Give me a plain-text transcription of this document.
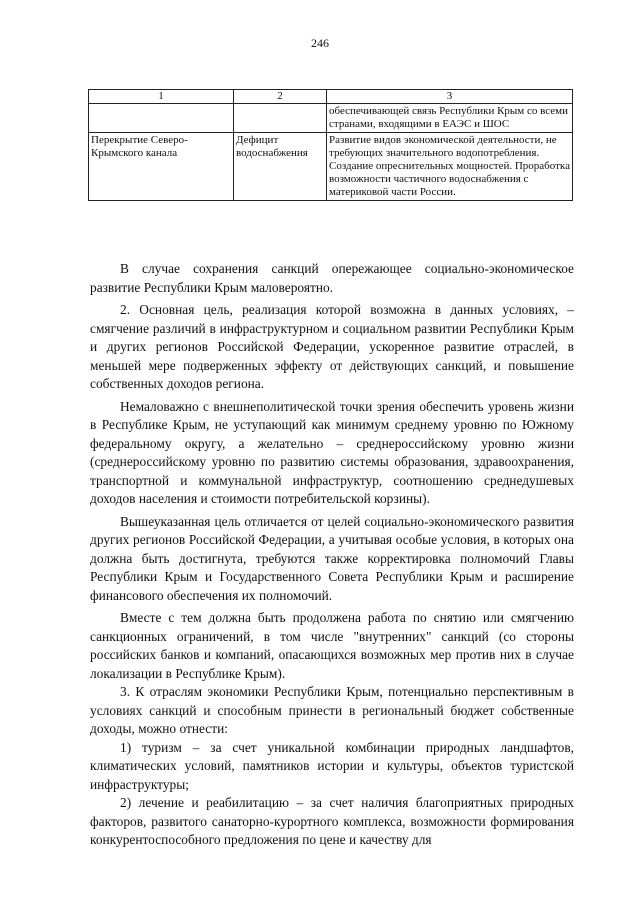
246
1	2	3
		обеспечивающей связь Республики Крым со всеми странами, входящими в ЕАЭС и ШОС
Перекрытие Северо-Крымского канала	Дефицит водоснабжения	Развитие видов экономической деятельности, не требующих значительного водопотребления. Создание опреснительных мощностей. Проработка возможности частичного водоснабжения с материковой части России.

В случае сохранения санкций опережающее социально-экономическое развитие Республики Крым маловероятно.

2. Основная цель, реализация которой возможна в данных условиях, – смягчение различий в инфраструктурном и социальном развитии Республики Крым и других регионов Российской Федерации, ускоренное развитие отраслей, в меньшей мере подверженных эффекту от действующих санкций, и повышение собственных доходов региона.

Немаловажно с внешнеполитической точки зрения обеспечить уровень жизни в Республике Крым, не уступающий как минимум среднему уровню по Южному федеральному округу, а желательно – среднероссийскому уровню жизни (среднероссийскому уровню по развитию системы образования, здравоохранения, транспортной и коммунальной инфраструктур, соотношению среднедушевых доходов населения и стоимости потребительской корзины).

Вышеуказанная цель отличается от целей социально-экономического развития других регионов Российской Федерации, а учитывая особые условия, в которых она должна быть достигнута, требуются также корректировка полномочий Главы Республики Крым и Государственного Совета Республики Крым и расширение финансового обеспечения их полномочий.

Вместе с тем должна быть продолжена работа по снятию или смягчению санкционных ограничений, в том числе "внутренних" санкций (со стороны российских банков и компаний, опасающихся возможных мер против них в случае локализации в Республике Крым).

3. К отраслям экономики Республики Крым, потенциально перспективным в условиях санкций и способным принести в региональный бюджет собственные доходы, можно отнести:

1) туризм – за счет уникальной комбинации природных ландшафтов, климатических условий, памятников истории и культуры, объектов туристской инфраструктуры;

2) лечение и реабилитацию – за счет наличия благоприятных природных факторов, развитого санаторно-курортного комплекса, возможности формирования конкурентоспособного предложения по цене и качеству для
